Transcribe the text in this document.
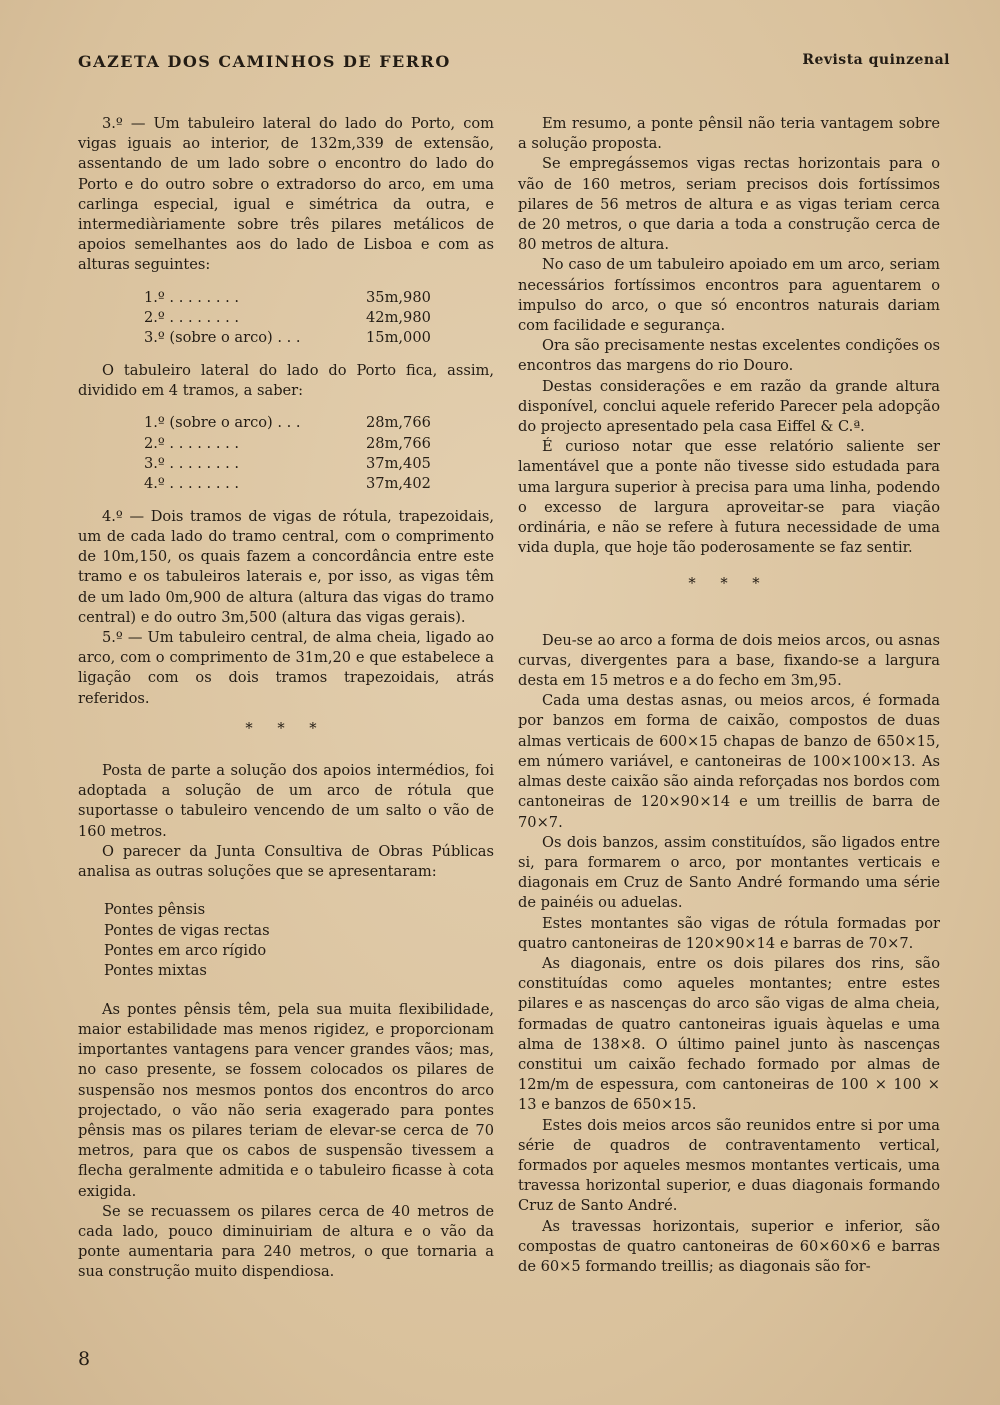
GAZETA DOS CAMINHOS DE FERRO	Revista quinzenal

3.º — Um tabuleiro lateral do lado do Porto, com vigas iguais ao interior, de 132m,339 de extensão, assentando de um lado sobre o encontro do lado do Porto e do outro sobre o extradorso do arco, em uma carlinga especial, igual e simétrica da outra, e intermediàriamente sobre três pilares metálicos de apoios semelhantes aos do lado de Lisboa e com as alturas seguintes:

1.º . . . . . . . .	35m,980
2.º . . . . . . . .	42m,980
3.º (sobre o arco) . . .	15m,000

O tabuleiro lateral do lado do Porto fica, assim, dividido em 4 tramos, a saber:

1.º (sobre o arco) . . .	28m,766
2.º . . . . . . . .	28m,766
3.º . . . . . . . .	37m,405
4.º . . . . . . . .	37m,402

4.º — Dois tramos de vigas de rótula, trapezoidais, um de cada lado do tramo central, com o comprimento de 10m,150, os quais fazem a concordância entre este tramo e os tabuleiros laterais e, por isso, as vigas têm de um lado 0m,900 de altura (altura das vigas do tramo central) e do outro 3m,500 (altura das vigas gerais).

5.º — Um tabuleiro central, de alma cheia, ligado ao arco, com o comprimento de 31m,20 e que estabelece a ligação com os dois tramos trapezoidais, atrás referidos.

* * *

Posta de parte a solução dos apoios intermédios, foi adoptada a solução de um arco de rótula que suportasse o tabuleiro vencendo de um salto o vão de 160 metros.

O parecer da Junta Consultiva de Obras Públicas analisa as outras soluções que se apresentaram:

Pontes pênsis
Pontes de vigas rectas
Pontes em arco rígido
Pontes mixtas

As pontes pênsis têm, pela sua muita flexibilidade, maior estabilidade mas menos rigidez, e proporcionam importantes vantagens para vencer grandes vãos; mas, no caso presente, se fossem colocados os pilares de suspensão nos mesmos pontos dos encontros do arco projectado, o vão não seria exagerado para pontes pênsis mas os pilares teriam de elevar-se cerca de 70 metros, para que os cabos de suspensão tivessem a flecha geralmente admitida e o tabuleiro ficasse à cota exigida.

Se se recuassem os pilares cerca de 40 metros de cada lado, pouco diminuiriam de altura e o vão da ponte aumentaria para 240 metros, o que tornaria a sua construção muito dispendiosa.

Em resumo, a ponte pênsil não teria vantagem sobre a solução proposta.

Se empregássemos vigas rectas horizontais para o vão de 160 metros, seriam precisos dois fortíssimos pilares de 56 metros de altura e as vigas teriam cerca de 20 metros, o que daria a toda a construção cerca de 80 metros de altura.

No caso de um tabuleiro apoiado em um arco, seriam necessários fortíssimos encontros para aguentarem o impulso do arco, o que só encontros naturais dariam com facilidade e segurança.

Ora são precisamente nestas excelentes condições os encontros das margens do rio Douro.

Destas considerações e em razão da grande altura disponível, conclui aquele referido Parecer pela adopção do projecto apresentado pela casa Eiffel & C.ª.

É curioso notar que esse relatório saliente ser lamentável que a ponte não tivesse sido estudada para uma largura superior à precisa para uma linha, podendo o excesso de largura aproveitar-se para viação ordinária, e não se refere à futura necessidade de uma vida dupla, que hoje tão poderosamente se faz sentir.

* * *

Deu-se ao arco a forma de dois meios arcos, ou asnas curvas, divergentes para a base, fixando-se a largura desta em 15 metros e a do fecho em 3m,95.

Cada uma destas asnas, ou meios arcos, é formada por banzos em forma de caixão, compostos de duas almas verticais de 600×15 chapas de banzo de 650×15, em número variável, e cantoneiras de 100×100×13. As almas deste caixão são ainda reforçadas nos bordos com cantoneiras de 120×90×14 e um treillis de barra de 70×7.

Os dois banzos, assim constituídos, são ligados entre si, para formarem o arco, por montantes verticais e diagonais em Cruz de Santo André formando uma série de painéis ou aduelas.

Estes montantes são vigas de rótula formadas por quatro cantoneiras de 120×90×14 e barras de 70×7.

As diagonais, entre os dois pilares dos rins, são constituídas como aqueles montantes; entre estes pilares e as nascenças do arco são vigas de alma cheia, formadas de quatro cantoneiras iguais àquelas e uma alma de 138×8. O último painel junto às nascenças constitui um caixão fechado formado por almas de 12m/m de espessura, com cantoneiras de 100 × 100 × 13 e banzos de 650×15.

Estes dois meios arcos são reunidos entre si por uma série de quadros de contraventamento vertical, formados por aqueles mesmos montantes verticais, uma travessa horizontal superior, e duas diagonais formando Cruz de Santo André.

As travessas horizontais, superior e inferior, são compostas de quatro cantoneiras de 60×60×6 e barras de 60×5 formando treillis; as diagonais são for-

8
